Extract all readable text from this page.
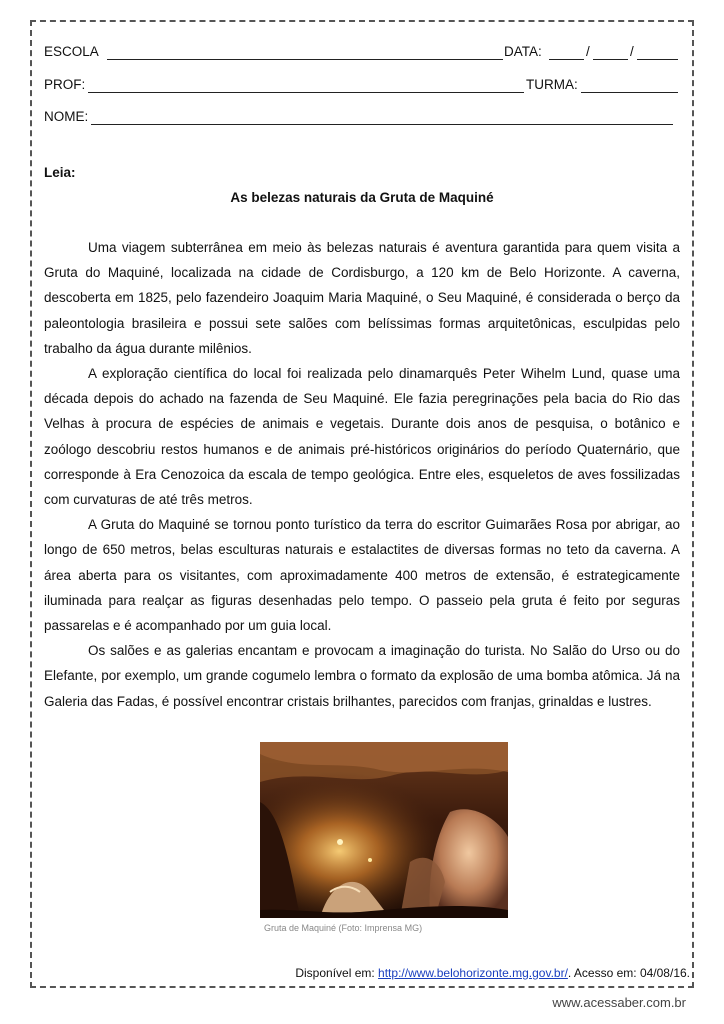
ESCOLA	DATA:	/	/
PROF:	TURMA:
NOME:
Leia:
As belezas naturais da Gruta de Maquiné

Uma viagem subterrânea em meio às belezas naturais é aventura garantida para quem visita a Gruta do Maquiné, localizada na cidade de Cordisburgo, a 120 km de Belo Horizonte. A caverna, descoberta em 1825, pelo fazendeiro Joaquim Maria Maquiné, o Seu Maquiné, é considerada o berço da paleontologia brasileira e possui sete salões com belíssimas formas arquitetônicas, esculpidas pelo trabalho da água durante milênios.

A exploração científica do local foi realizada pelo dinamarquês Peter Wihelm Lund, quase uma década depois do achado na fazenda de Seu Maquiné. Ele fazia peregrinações pela bacia do Rio das Velhas à procura de espécies de animais e vegetais. Durante dois anos de pesquisa, o botânico e zoólogo descobriu restos humanos e de animais pré-históricos originários do período Quaternário, que corresponde à Era Cenozoica da escala de tempo geológica. Entre eles, esqueletos de aves fossilizadas com curvaturas de até três metros.

A Gruta do Maquiné se tornou ponto turístico da terra do escritor Guimarães Rosa por abrigar, ao longo de 650 metros, belas esculturas naturais e estalactites de diversas formas no teto da caverna. A área aberta para os visitantes, com aproximadamente 400 metros de extensão, é estrategicamente iluminada para realçar as figuras desenhadas pelo tempo. O passeio pela gruta é feito por seguras passarelas e é acompanhado por um guia local.

Os salões e as galerias encantam e provocam a imaginação do turista. No Salão do Urso ou do Elefante, por exemplo, um grande cogumelo lembra o formato da explosão de uma bomba atômica. Já na Galeria das Fadas, é possível encontrar cristais brilhantes, parecidos com franjas, grinaldas e lustres.

Gruta de Maquiné (Foto: Imprensa MG)
Disponível em: http://www.belohorizonte.mg.gov.br/. Acesso em: 04/08/16.
www.acessaber.com.br
